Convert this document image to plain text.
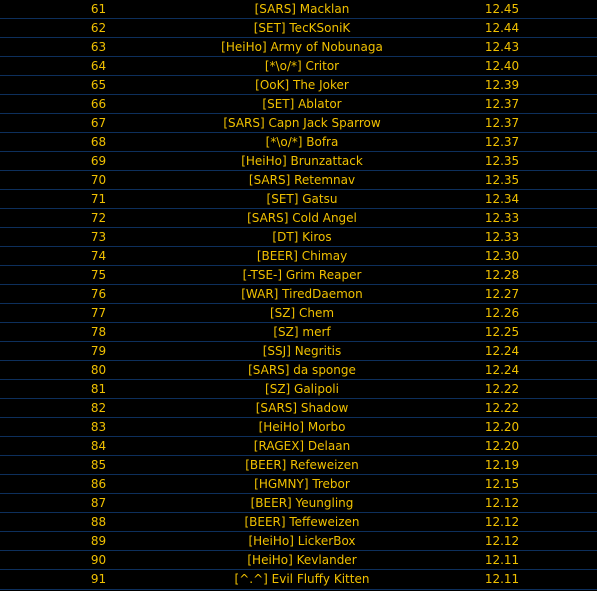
61	[SARS] Macklan	12.45
62	[SET] TecKSoniK	12.44
63	[HeiHo] Army of Nobunaga	12.43
64	[*\o/*] Critor	12.40
65	[OoK] The Joker	12.39
66	[SET] Ablator	12.37
67	[SARS] Capn Jack Sparrow	12.37
68	[*\o/*] Bofra	12.37
69	[HeiHo] Brunzattack	12.35
70	[SARS] Retemnav	12.35
71	[SET] Gatsu	12.34
72	[SARS] Cold Angel	12.33
73	[DT] Kiros	12.33
74	[BEER] Chimay	12.30
75	[-TSE-] Grim Reaper	12.28
76	[WAR] TiredDaemon	12.27
77	[SZ] Chem	12.26
78	[SZ] merf	12.25
79	[SSJ] Negritis	12.24
80	[SARS] da sponge	12.24
81	[SZ] Galipoli	12.22
82	[SARS] Shadow	12.22
83	[HeiHo] Morbo	12.20
84	[RAGEX] Delaan	12.20
85	[BEER] Refeweizen	12.19
86	[HGMNY] Trebor	12.15
87	[BEER] Yeungling	12.12
88	[BEER] Teffeweizen	12.12
89	[HeiHo] LickerBox	12.12
90	[HeiHo] Kevlander	12.11
91	[^.^] Evil Fluffy Kitten	12.11
